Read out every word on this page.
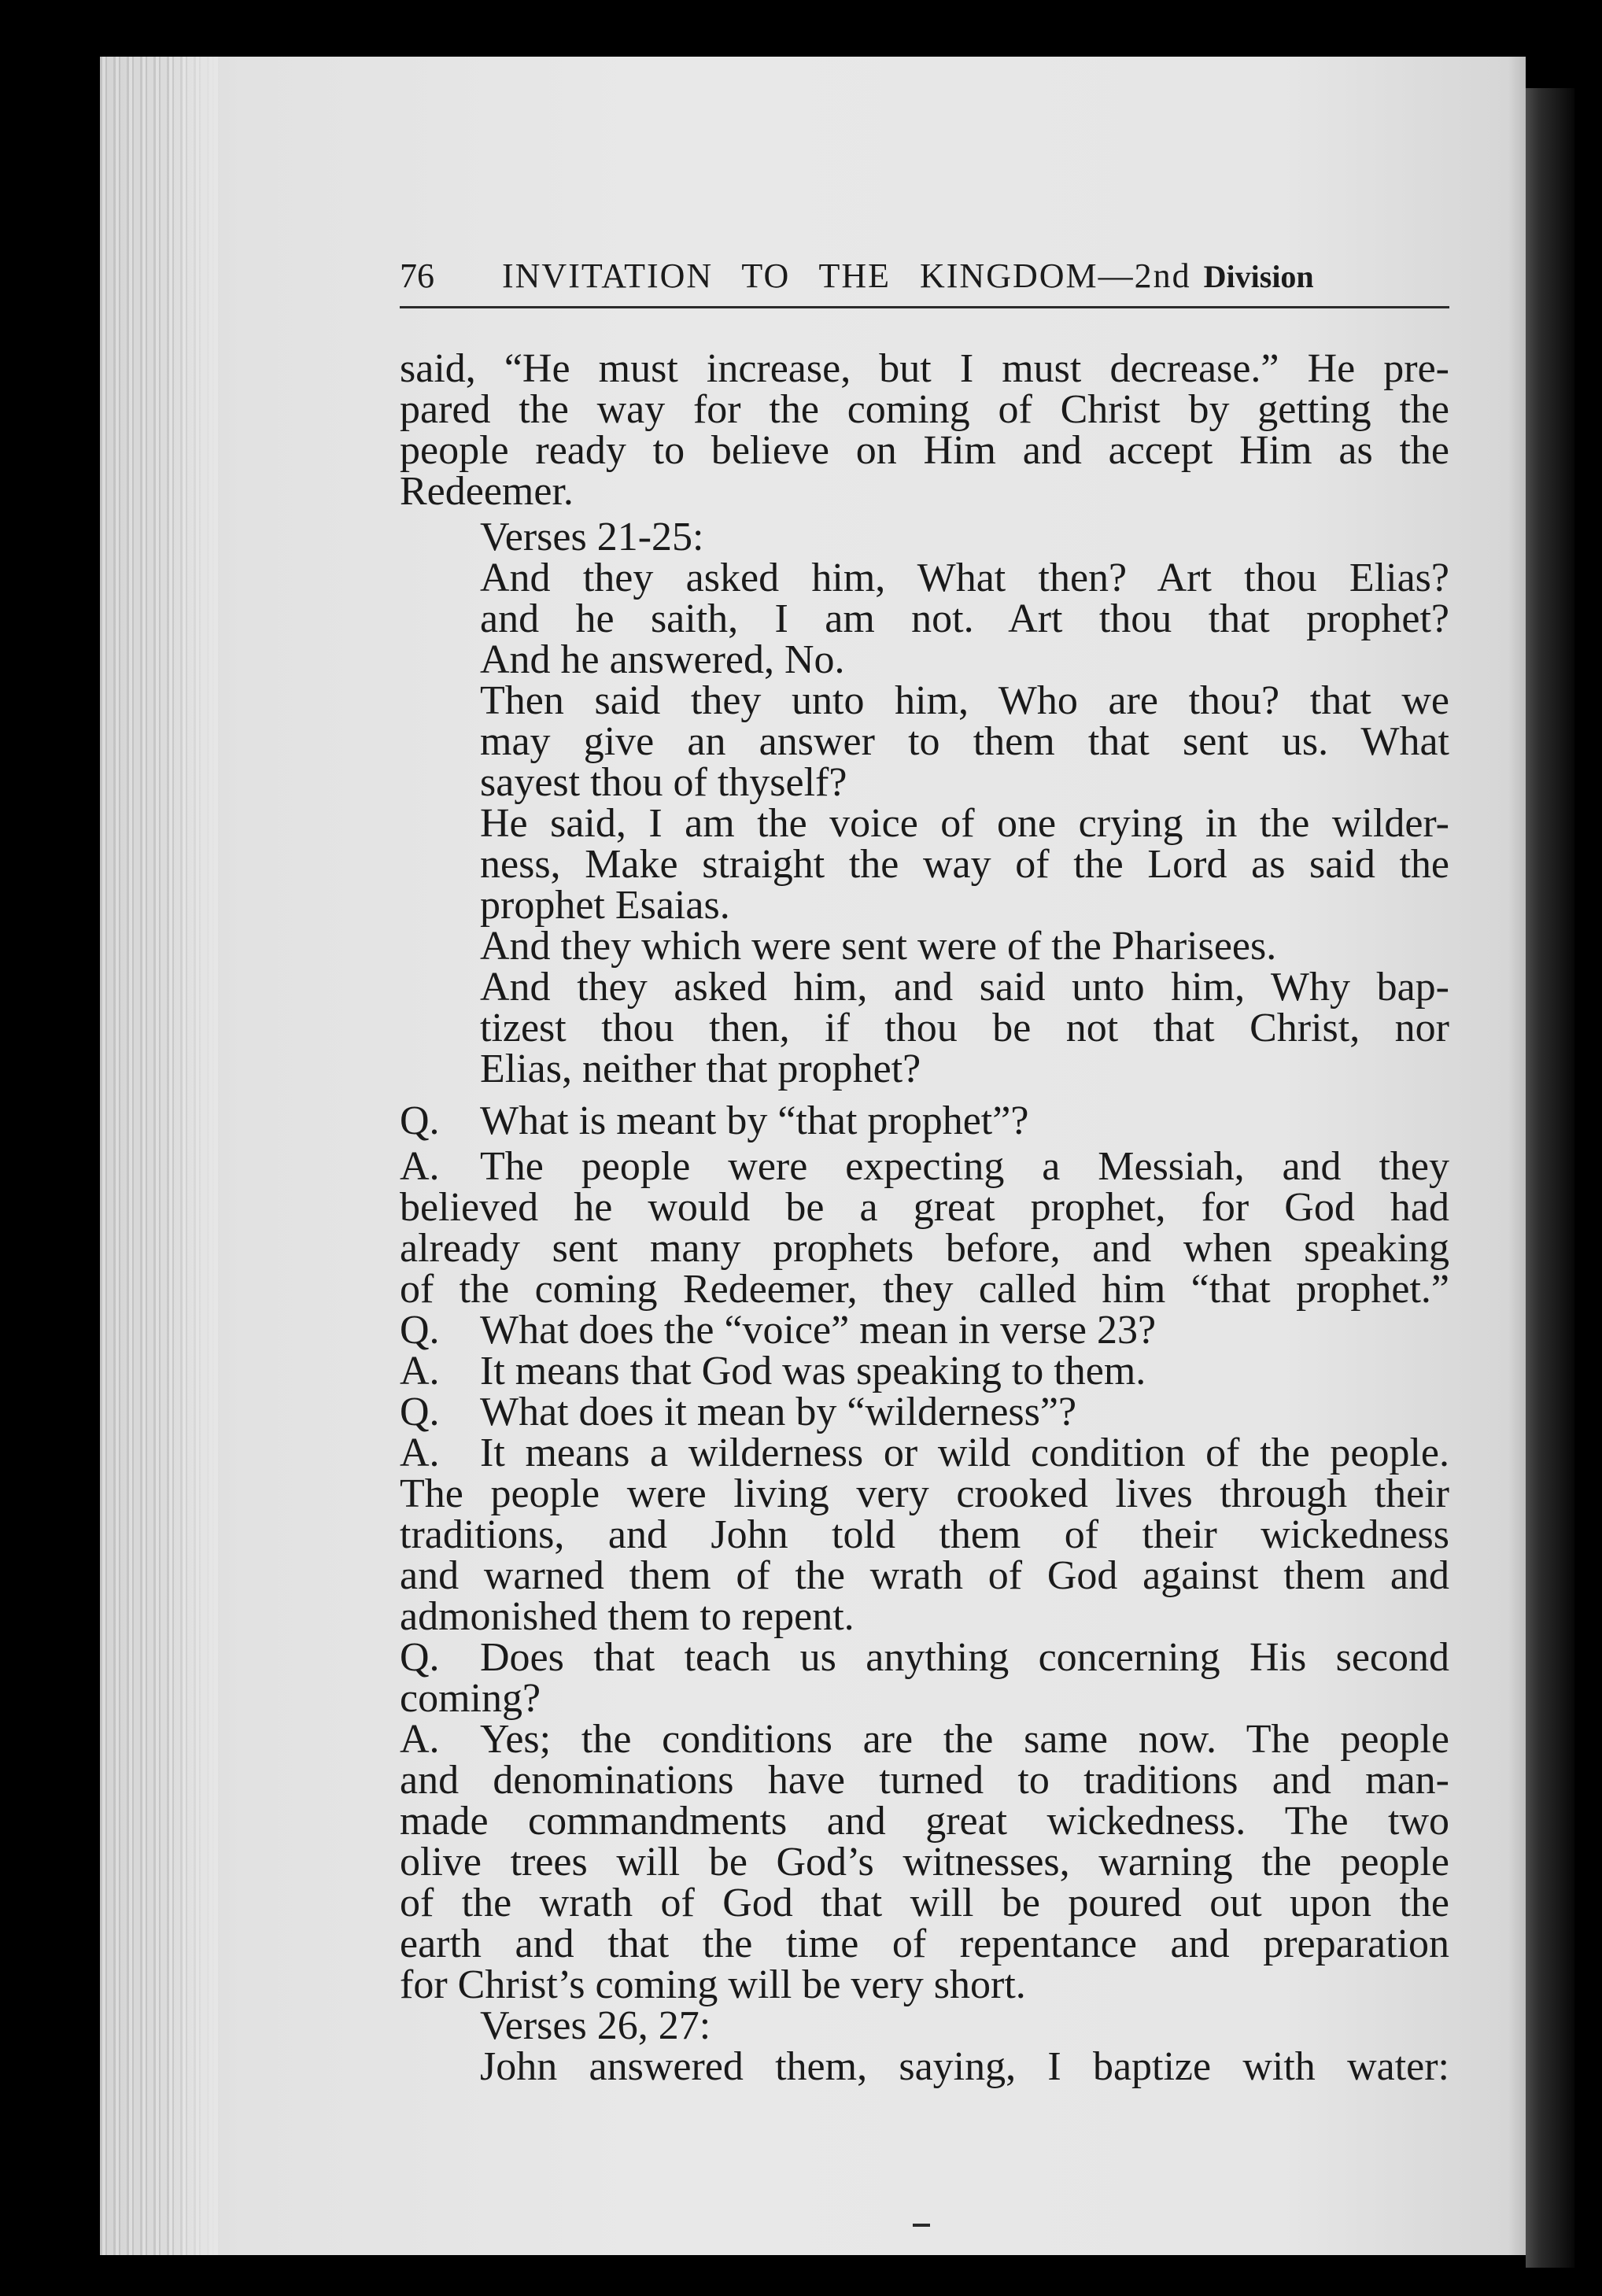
76 INVITATION TO THE KINGDOM—2nd Division
said, “He must increase, but I must decrease.” He pre-
pared the way for the coming of Christ by getting the
people ready to believe on Him and accept Him as the
Redeemer.
Verses 21-25:
And they asked him, What then? Art thou Elias?
and he saith, I am not. Art thou that prophet?
And he answered, No.
Then said they unto him, Who are thou? that we
may give an answer to them that sent us. What
sayest thou of thyself?
He said, I am the voice of one crying in the wilder-
ness, Make straight the way of the Lord as said the
prophet Esaias.
And they which were sent were of the Pharisees.
And they asked him, and said unto him, Why bap-
tizest thou then, if thou be not that Christ, nor
Elias, neither that prophet?
Q. What is meant by “that prophet”?
A. The people were expecting a Messiah, and they
believed he would be a great prophet, for God had
already sent many prophets before, and when speaking
of the coming Redeemer, they called him “that prophet.”
Q. What does the “voice” mean in verse 23?
A. It means that God was speaking to them.
Q. What does it mean by “wilderness”?
A. It means a wilderness or wild condition of the people.
The people were living very crooked lives through their
traditions, and John told them of their wickedness
and warned them of the wrath of God against them and
admonished them to repent.
Q. Does that teach us anything concerning His second
coming?
A. Yes; the conditions are the same now. The people
and denominations have turned to traditions and man-
made commandments and great wickedness. The two
olive trees will be God’s witnesses, warning the people
of the wrath of God that will be poured out upon the
earth and that the time of repentance and preparation
for Christ’s coming will be very short.
Verses 26, 27:
John answered them, saying, I baptize with water:
